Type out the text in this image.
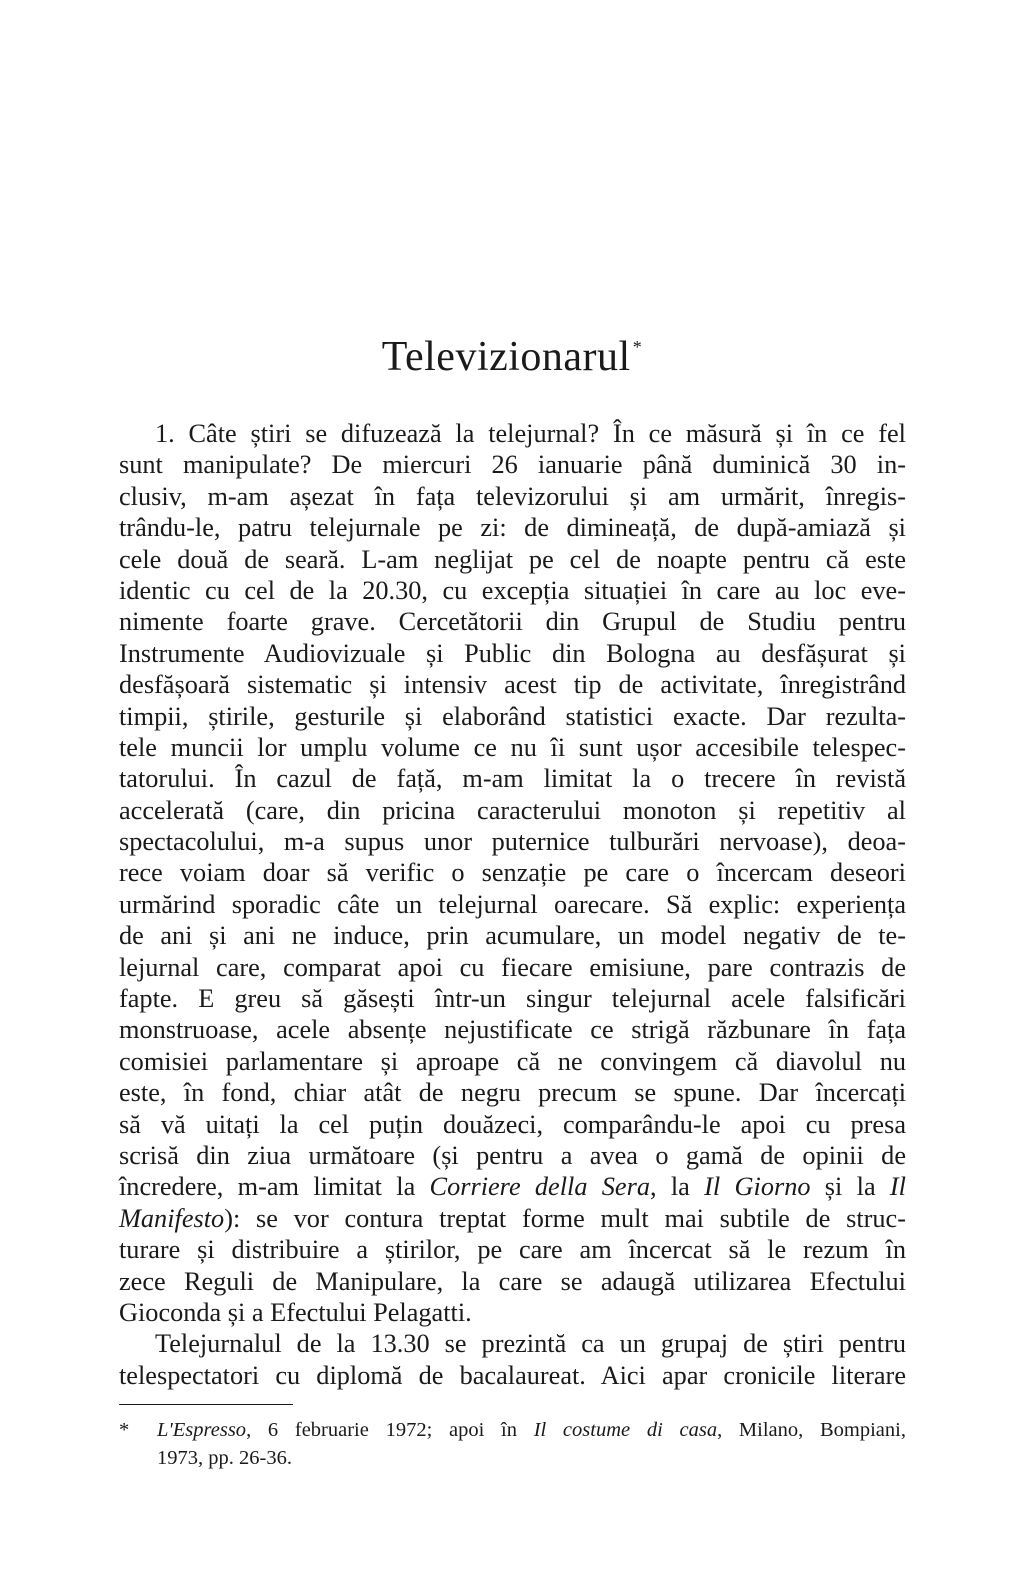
Televizionarul *
1. Câte știri se difuzează la telejurnal? În ce măsură și în ce fel
sunt manipulate? De miercuri 26 ianuarie până duminică 30 in-
clusiv, m-am așezat în fața televizorului și am urmărit, înregis-
trându-le, patru telejurnale pe zi: de dimineață, de după-amiază și
cele două de seară. L-am neglijat pe cel de noapte pentru că este
identic cu cel de la 20.30, cu excepția situației în care au loc eve-
nimente foarte grave. Cercetătorii din Grupul de Studiu pentru
Instrumente Audiovizuale și Public din Bologna au desfășurat și
desfășoară sistematic și intensiv acest tip de activitate, înregistrând
timpii, știrile, gesturile și elaborând statistici exacte. Dar rezulta-
tele muncii lor umplu volume ce nu îi sunt ușor accesibile telespec-
tatorului. În cazul de față, m-am limitat la o trecere în revistă
accelerată (care, din pricina caracterului monoton și repetitiv al
spectacolului, m-a supus unor puternice tulburări nervoase), deoa-
rece voiam doar să verific o senzație pe care o încercam deseori
urmărind sporadic câte un telejurnal oarecare. Să explic: experiența
de ani și ani ne induce, prin acumulare, un model negativ de te-
lejurnal care, comparat apoi cu fiecare emisiune, pare contrazis de
fapte. E greu să găsești într-un singur telejurnal acele falsificări
monstruoase, acele absențe nejustificate ce strigă răzbunare în fața
comisiei parlamentare și aproape că ne convingem că diavolul nu
este, în fond, chiar atât de negru precum se spune. Dar încercați
să vă uitați la cel puțin douăzeci, comparându-le apoi cu presa
scrisă din ziua următoare (și pentru a avea o gamă de opinii de
încredere, m-am limitat la Corriere della Sera, la Il Giorno și la Il
Manifesto): se vor contura treptat forme mult mai subtile de struc-
turare și distribuire a știrilor, pe care am încercat să le rezum în
zece Reguli de Manipulare, la care se adaugă utilizarea Efectului
Gioconda și a Efectului Pelagatti.
Telejurnalul de la 13.30 se prezintă ca un grupaj de știri pentru
telespectatori cu diplomă de bacalaureat. Aici apar cronicile literare
* L'Espresso, 6 februarie 1972; apoi în Il costume di casa, Milano, Bompiani,
1973, pp. 26-36.
